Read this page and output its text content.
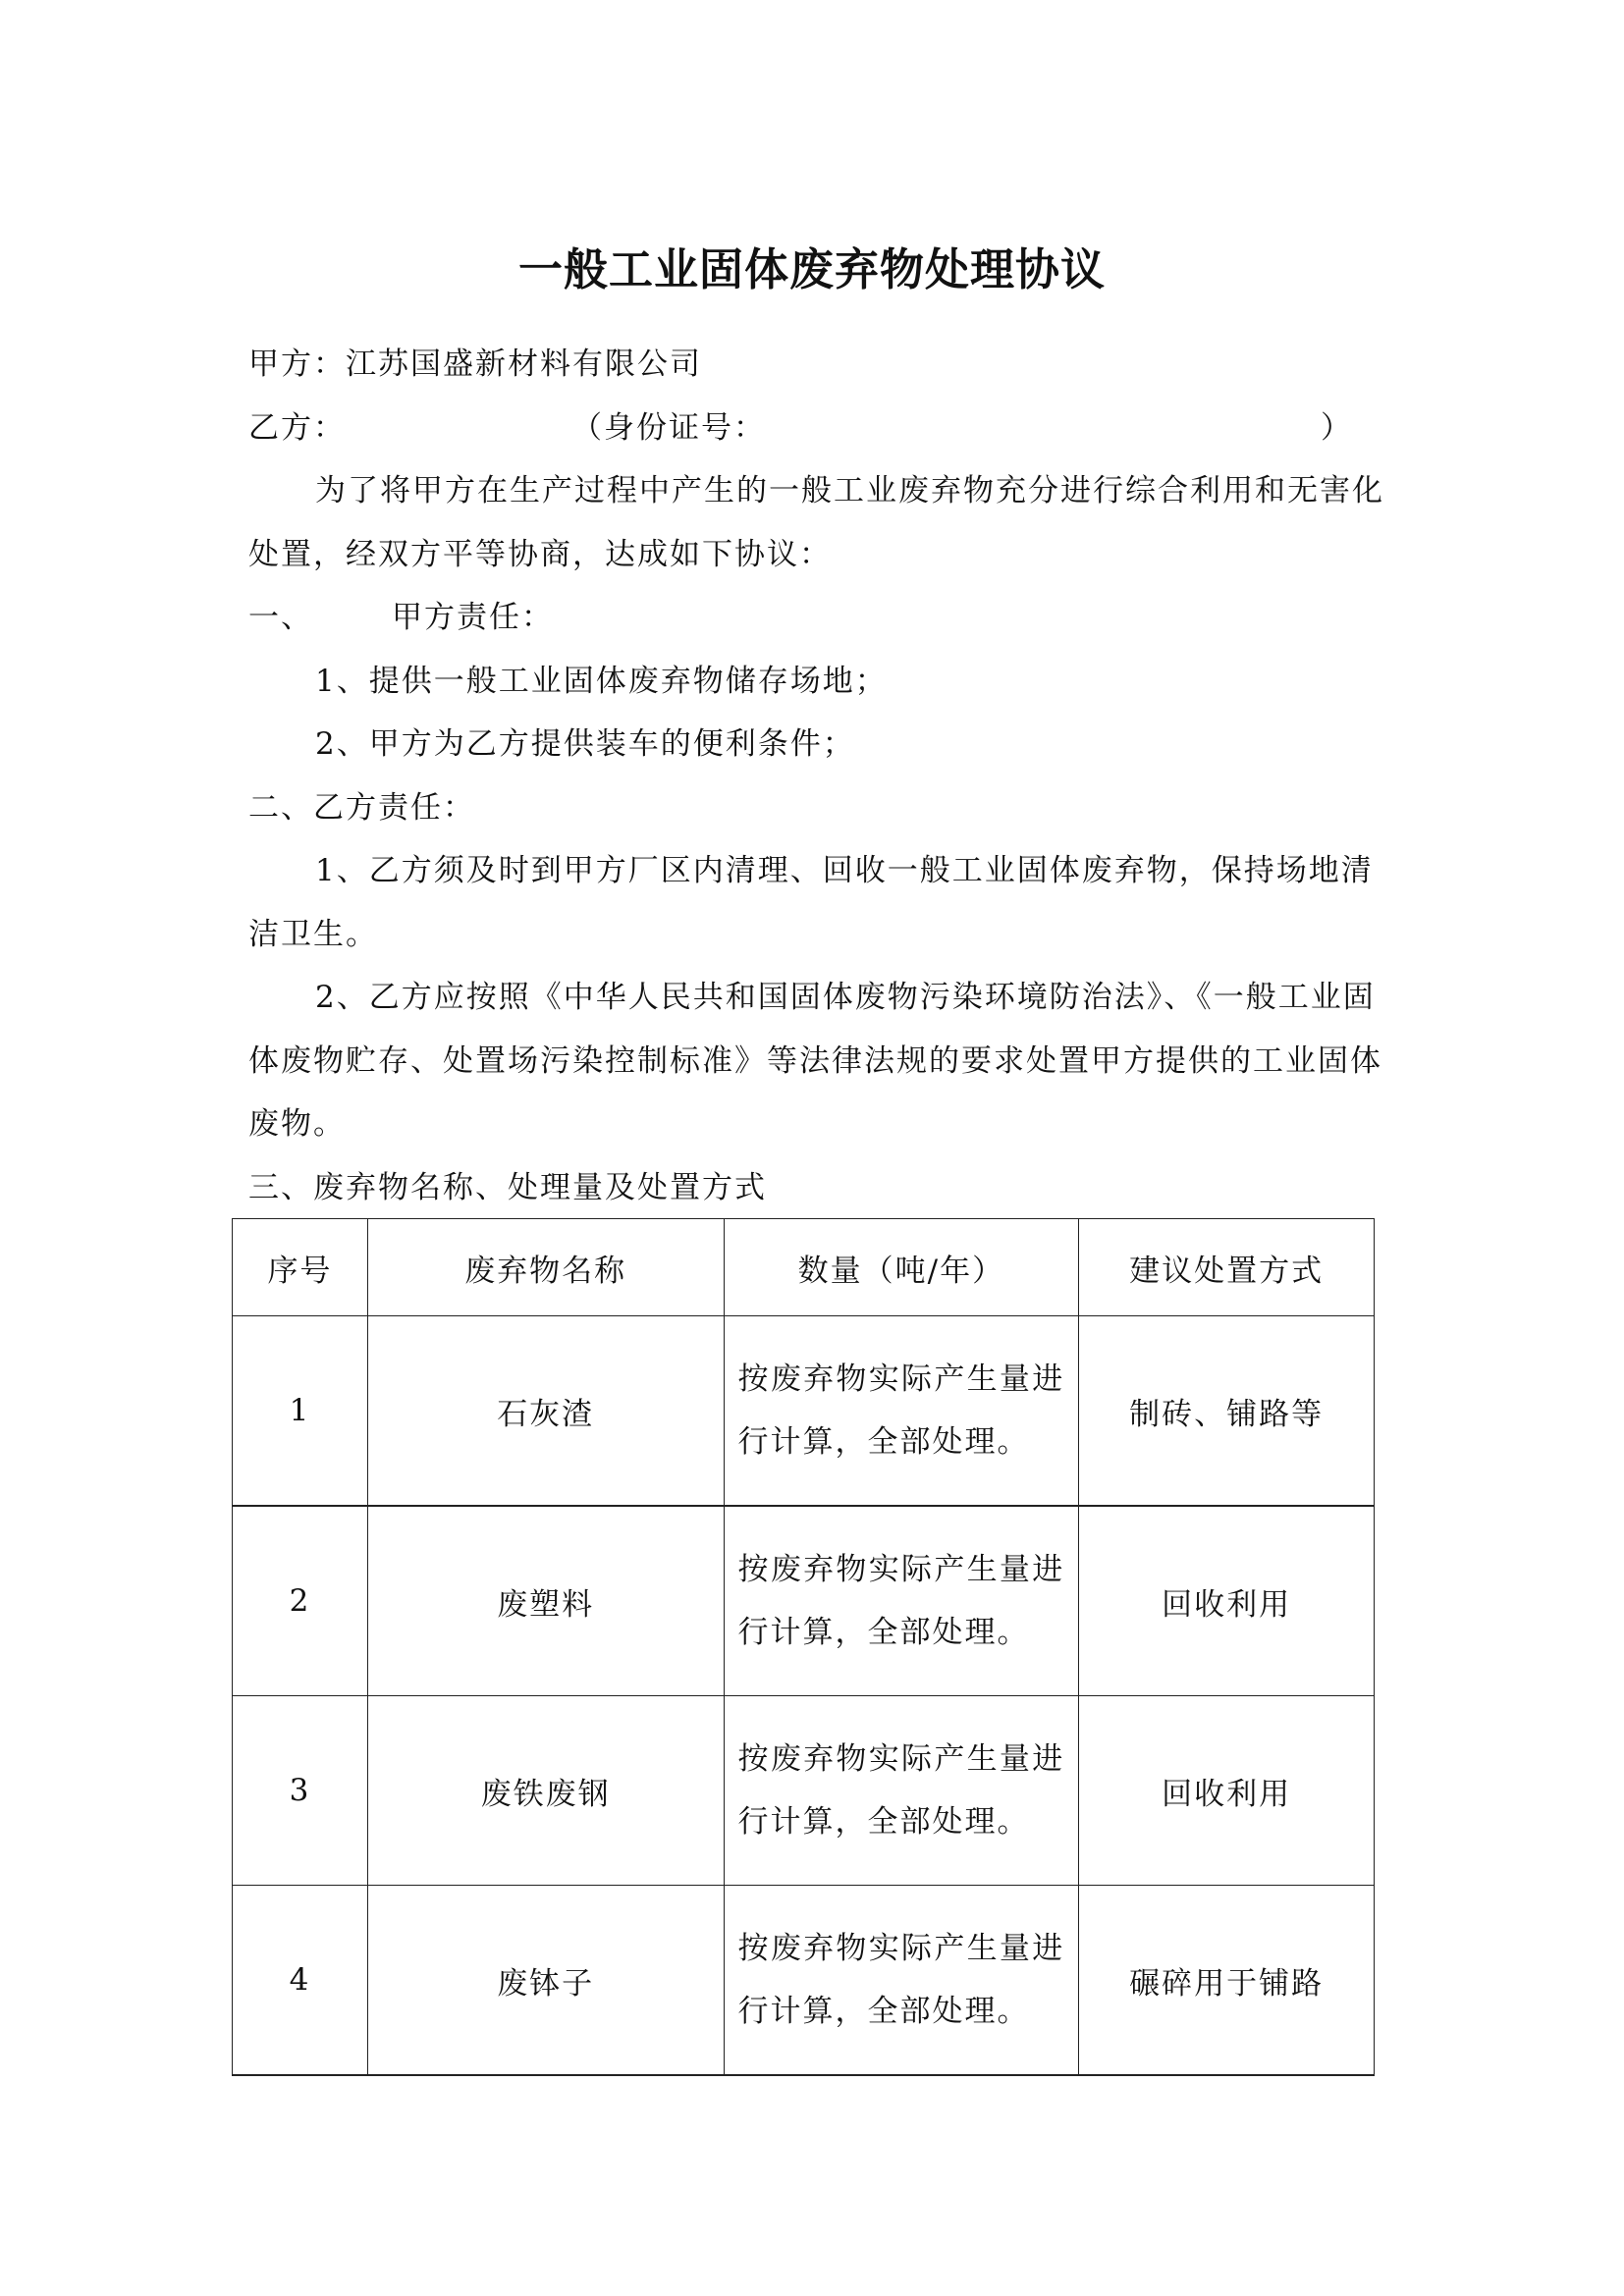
一般工业固体废弃物处理协议

甲方：江苏国盛新材料有限公司

乙方：	（身份证号：	）

为了将甲方在生产过程中产生的一般工业废弃物充分进行综合利用和无害化处置，经双方平等协商，达成如下协议：

一、	甲方责任：

1、提供一般工业固体废弃物储存场地；

2、甲方为乙方提供装车的便利条件；

二、乙方责任：

1、乙方须及时到甲方厂区内清理、回收一般工业固体废弃物，保持场地清洁卫生。

2、乙方应按照《中华人民共和国固体废物污染环境防治法》、《一般工业固体废物贮存、处置场污染控制标准》等法律法规的要求处置甲方提供的工业固体废物。

三、废弃物名称、处理量及处置方式

序号	废弃物名称	数量（吨/年）	建议处置方式
1	石灰渣	按废弃物实际产生量进行计算，全部处理。	制砖、铺路等
2	废塑料	按废弃物实际产生量进行计算，全部处理。	回收利用
3	废铁废钢	按废弃物实际产生量进行计算，全部处理。	回收利用
4	废钵子	按废弃物实际产生量进行计算，全部处理。	碾碎用于铺路
